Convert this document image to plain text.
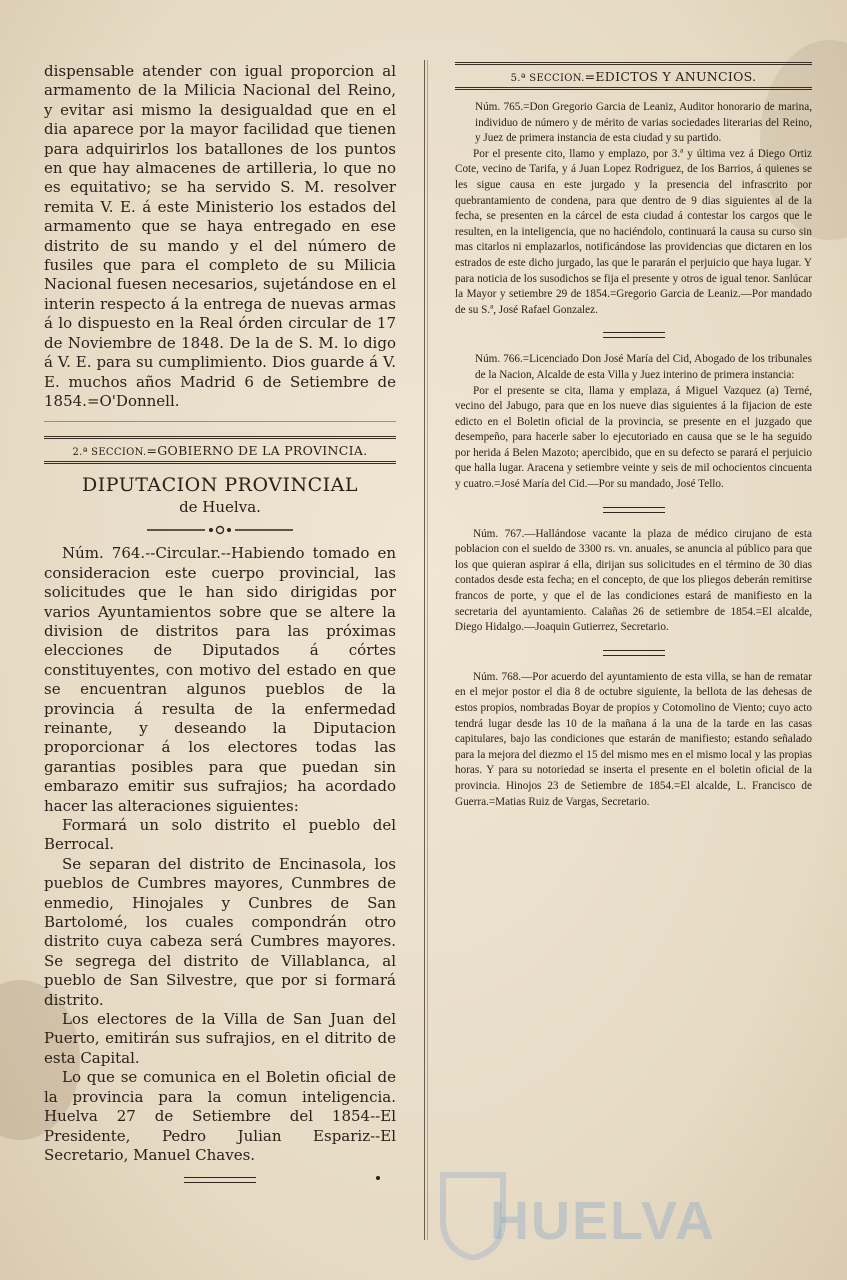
dispensable atender con igual proporcion al armamento de la Milicia Nacional del Reino, y evitar asi mismo la desigualdad que en el dia aparece por la mayor facilidad que tienen para adquirirlos los batallones de los puntos en que hay almacenes de artilleria, lo que no es equitativo; se ha servido S. M. resolver remita V. E. á este Ministerio los estados del armamento que se haya entregado en ese distrito de su mando y el del número de fusiles que para el completo de su Milicia Nacional fuesen necesarios, sujetándose en el interin respecto á la entrega de nuevas armas á lo dispuesto en la Real órden circular de 17 de Noviembre de 1848. De la de S. M. lo digo á V. E. para su cumplimiento. Dios guarde á V. E. muchos años Madrid 6 de Setiembre de 1854.=O'Donnell.

2.ª SECCION.=GOBIERNO DE LA PROVINCIA.
DIPUTACION PROVINCIAL
de Huelva.

Núm. 764.--Circular.--Habiendo tomado en consideracion este cuerpo provincial, las solicitudes que le han sido dirigidas por varios Ayuntamientos sobre que se altere la division de distritos para las próximas elecciones de Diputados á córtes constituyentes, con motivo del estado en que se encuentran algunos pueblos de la provincia á resulta de la enfermedad reinante, y deseando la Diputacion proporcionar á los electores todas las garantias posibles para que puedan sin embarazo emitir sus sufrajios; ha acordado hacer las alteraciones siguientes:

Formará un solo distrito el pueblo del Berrocal.

Se separan del distrito de Encinasola, los pueblos de Cumbres mayores, Cunmbres de enmedio, Hinojales y Cunbres de San Bartolomé, los cuales compondrán otro distrito cuya cabeza será Cumbres mayores. Se segrega del distrito de Villablanca, al pueblo de San Silvestre, que por si formará distrito.

Los electores de la Villa de San Juan del Puerto, emitirán sus sufrajios, en el ditrito de esta Capital.

Lo que se comunica en el Boletin oficial de la provincia para la comun inteligencia. Huelva 27 de Setiembre del 1854--El Presidente, Pedro Julian Espariz--El Secretario, Manuel Chaves.

5.ª SECCION.=EDICTOS Y ANUNCIOS.

Núm. 765.=Don Gregorio Garcia de Leaniz, Auditor honorario de marina, individuo de número y de mérito de varias sociedades literarias del Reino, y Juez de primera instancia de esta ciudad y su partido.

Por el presente cito, llamo y emplazo, por 3.ª y última vez á Diego Ortiz Cote, vecino de Tarifa, y á Juan Lopez Rodriguez, de los Barrios, á quienes se les sigue causa en este jurgado y la presencia del infrascrito por quebrantamiento de condena, para que dentro de 9 dias siguientes al de la fecha, se presenten en la cárcel de esta ciudad á contestar los cargos que le resulten, en la inteligencia, que no haciéndolo, continuará la causa su curso sin mas citarlos ni emplazarlos, notificándose las providencias que dictaren en los estrados de este dicho jurgado, las que le pararán el perjuicio que haya lugar. Y para noticia de los susodichos se fija el presente y otros de igual tenor. Sanlúcar la Mayor y setiembre 29 de 1854.=Gregorio Garcia de Leaniz.—Por mandado de su S.ª, José Rafael Gonzalez.

Núm. 766.=Licenciado Don José María del Cid, Abogado de los tribunales de la Nacion, Alcalde de esta Villa y Juez interino de primera instancia:

Por el presente se cita, llama y emplaza, á Miguel Vazquez (a) Terné, vecino del Jabugo, para que en los nueve dias siguientes á la fijacion de este edicto en el Boletin oficial de la provincia, se presente en el juzgado que desempeño, para hacerle saber lo ejecutoriado en causa que se le ha seguido por herida á Belen Mazoto; apercibido, que en su defecto se parará el perjuicio que halla lugar. Aracena y setiembre veinte y seis de mil ochocientos cincuenta y cuatro.=José María del Cid.—Por su mandado, José Tello.

Núm. 767.—Hallándose vacante la plaza de médico cirujano de esta poblacion con el sueldo de 3300 rs. vn. anuales, se anuncia al público para que los que quieran aspirar á ella, dirijan sus solicitudes en el término de 30 dias contados desde esta fecha; en el concepto, de que los pliegos deberán remitirse francos de porte, y que el de las condiciones estará de manifiesto en la secretaria del ayuntamiento. Calañas 26 de setiembre de 1854.=El alcalde, Diego Hidalgo.—Joaquin Gutierrez, Secretario.

Núm. 768.—Por acuerdo del ayuntamiento de esta villa, se han de rematar en el mejor postor el dia 8 de octubre siguiente, la bellota de las dehesas de estos propios, nombradas Boyar de propios y Cotomolino de Viento; cuyo acto tendrá lugar desde las 10 de la mañana á la una de la tarde en las casas capitulares, bajo las condiciones que estarán de manifiesto; estando señalado para la mejora del diezmo el 15 del mismo mes en el mismo local y las propias horas. Y para su notoriedad se inserta el presente en el boletin oficial de la provincia. Hinojos 23 de Setiembre de 1854.=El alcalde, L. Francisco de Guerra.=Matias Ruiz de Vargas, Secretario.

HUELVA
